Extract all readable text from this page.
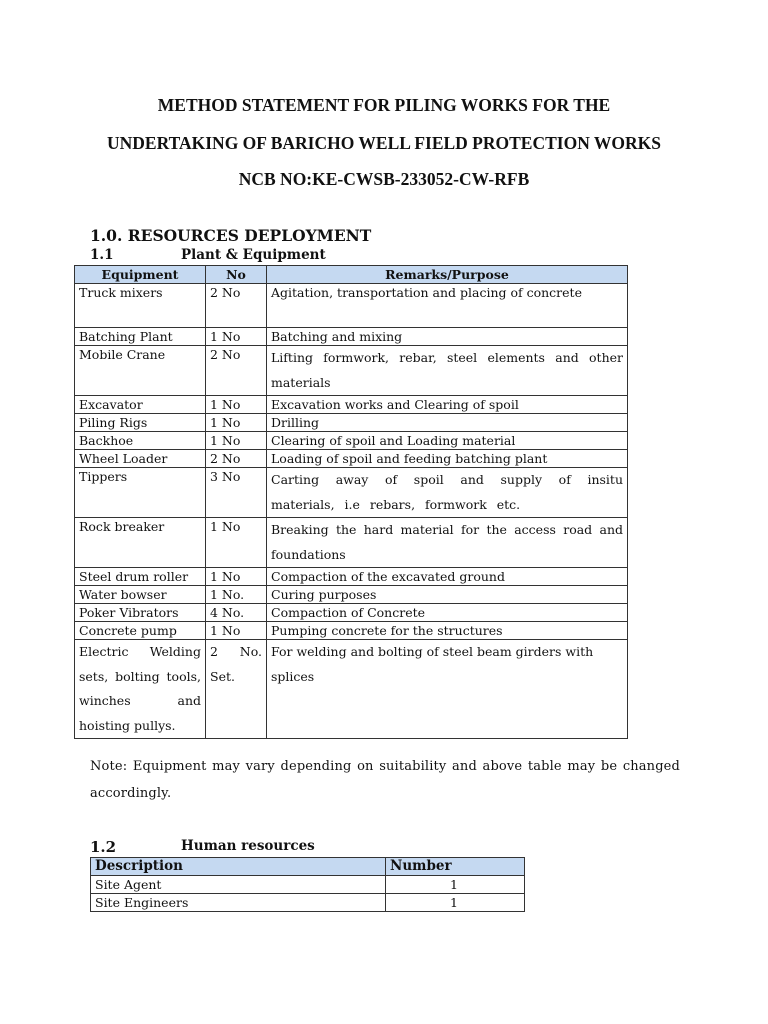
METHOD STATEMENT FOR PILING WORKS FOR THE
UNDERTAKING OF BARICHO WELL FIELD PROTECTION WORKS
NCB NO:KE-CWSB-233052-CW-RFB
1.0. RESOURCES DEPLOYMENT
1.1	Plant & Equipment
Equipment	No	Remarks/Purpose
Truck mixers	2 No	Agitation, transportation and placing of concrete
Batching Plant	1 No	Batching and mixing
Mobile Crane	2 No	Lifting formwork, rebar, steel elements and other materials
Excavator	1 No	Excavation works and Clearing of spoil
Piling Rigs	1 No	Drilling
Backhoe	1 No	Clearing of spoil and Loading material
Wheel Loader	2 No	Loading of spoil and feeding batching plant
Tippers	3 No	Carting away of spoil and supply of insitu materials, i.e rebars, formwork etc.
Rock breaker	1 No	Breaking the hard material for the access road and foundations
Steel drum roller	1 No	Compaction of the excavated ground
Water bowser	1 No.	Curing purposes
Poker Vibrators	4 No.	Compaction of Concrete
Concrete pump	1 No	Pumping concrete for the structures
Electric Welding sets, bolting tools, winches and hoisting pullys.	2 No. Set.	For welding and bolting of steel beam girders with splices
Note: Equipment may vary depending on suitability and above table may be changed accordingly.
1.2	Human resources
Description	Number
Site Agent	1
Site Engineers	1
